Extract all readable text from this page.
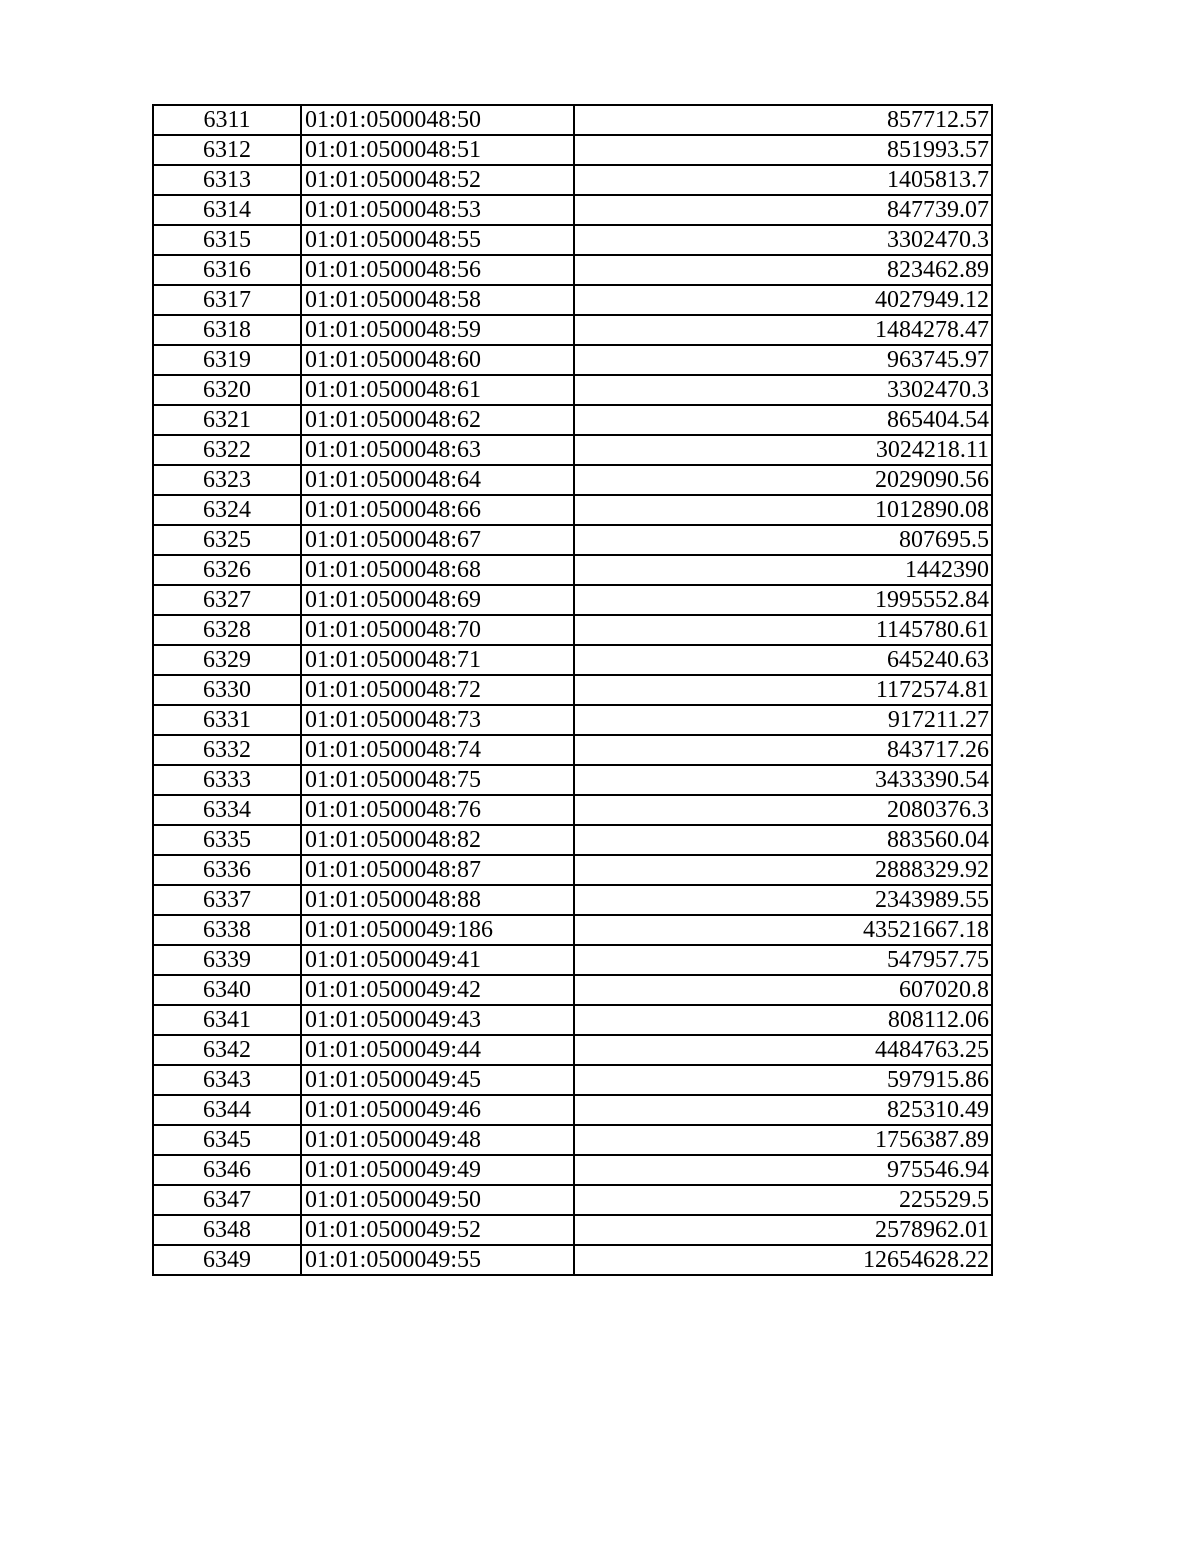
6311	01:01:0500048:50	857712.57
6312	01:01:0500048:51	851993.57
6313	01:01:0500048:52	1405813.7
6314	01:01:0500048:53	847739.07
6315	01:01:0500048:55	3302470.3
6316	01:01:0500048:56	823462.89
6317	01:01:0500048:58	4027949.12
6318	01:01:0500048:59	1484278.47
6319	01:01:0500048:60	963745.97
6320	01:01:0500048:61	3302470.3
6321	01:01:0500048:62	865404.54
6322	01:01:0500048:63	3024218.11
6323	01:01:0500048:64	2029090.56
6324	01:01:0500048:66	1012890.08
6325	01:01:0500048:67	807695.5
6326	01:01:0500048:68	1442390
6327	01:01:0500048:69	1995552.84
6328	01:01:0500048:70	1145780.61
6329	01:01:0500048:71	645240.63
6330	01:01:0500048:72	1172574.81
6331	01:01:0500048:73	917211.27
6332	01:01:0500048:74	843717.26
6333	01:01:0500048:75	3433390.54
6334	01:01:0500048:76	2080376.3
6335	01:01:0500048:82	883560.04
6336	01:01:0500048:87	2888329.92
6337	01:01:0500048:88	2343989.55
6338	01:01:0500049:186	43521667.18
6339	01:01:0500049:41	547957.75
6340	01:01:0500049:42	607020.8
6341	01:01:0500049:43	808112.06
6342	01:01:0500049:44	4484763.25
6343	01:01:0500049:45	597915.86
6344	01:01:0500049:46	825310.49
6345	01:01:0500049:48	1756387.89
6346	01:01:0500049:49	975546.94
6347	01:01:0500049:50	225529.5
6348	01:01:0500049:52	2578962.01
6349	01:01:0500049:55	12654628.22
